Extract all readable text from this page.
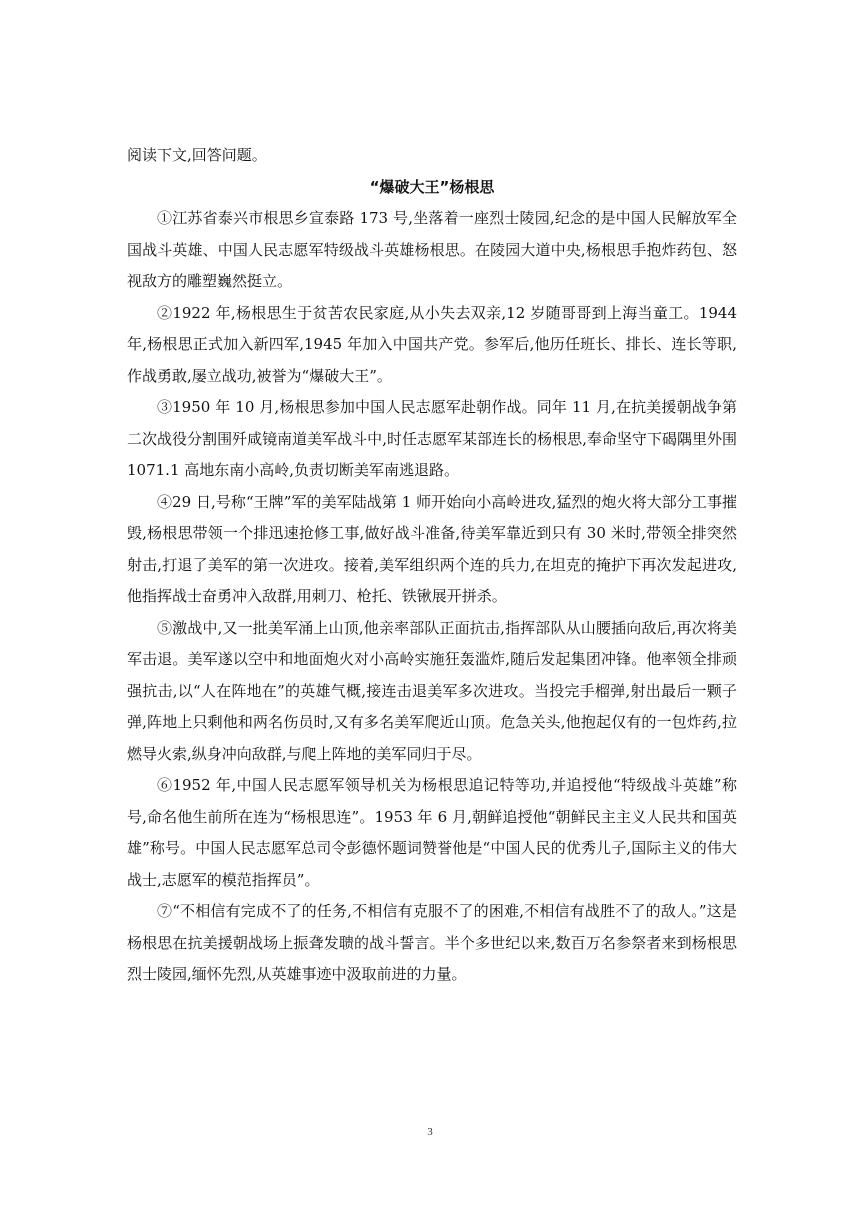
阅读下文,回答问题。

“爆破大王”杨根思

①江苏省泰兴市根思乡宣泰路 173 号,坐落着一座烈士陵园,纪念的是中国人民解放军全国战斗英雄、中国人民志愿军特级战斗英雄杨根思。在陵园大道中央,杨根思手抱炸药包、怒视敌方的雕塑巍然挺立。

②1922 年,杨根思生于贫苦农民家庭,从小失去双亲,12 岁随哥哥到上海当童工。1944 年,杨根思正式加入新四军,1945 年加入中国共产党。参军后,他历任班长、排长、连长等职,作战勇敢,屡立战功,被誉为“爆破大王”。

③1950 年 10 月,杨根思参加中国人民志愿军赴朝作战。同年 11 月,在抗美援朝战争第二次战役分割围歼咸镜南道美军战斗中,时任志愿军某部连长的杨根思,奉命坚守下碣隅里外围 1071.1 高地东南小高岭,负责切断美军南逃退路。

④29 日,号称“王牌”军的美军陆战第 1 师开始向小高岭进攻,猛烈的炮火将大部分工事摧毁,杨根思带领一个排迅速抢修工事,做好战斗准备,待美军靠近到只有 30 米时,带领全排突然射击,打退了美军的第一次进攻。接着,美军组织两个连的兵力,在坦克的掩护下再次发起进攻,他指挥战士奋勇冲入敌群,用刺刀、枪托、铁锹展开拼杀。

⑤激战中,又一批美军涌上山顶,他亲率部队正面抗击,指挥部队从山腰插向敌后,再次将美军击退。美军遂以空中和地面炮火对小高岭实施狂轰滥炸,随后发起集团冲锋。他率领全排顽强抗击,以“人在阵地在”的英雄气概,接连击退美军多次进攻。当投完手榴弹,射出最后一颗子弹,阵地上只剩他和两名伤员时,又有多名美军爬近山顶。危急关头,他抱起仅有的一包炸药,拉燃导火索,纵身冲向敌群,与爬上阵地的美军同归于尽。

⑥1952 年,中国人民志愿军领导机关为杨根思追记特等功,并追授他“特级战斗英雄”称号,命名他生前所在连为“杨根思连”。1953 年 6 月,朝鲜追授他“朝鲜民主主义人民共和国英雄”称号。中国人民志愿军总司令彭德怀题词赞誉他是“中国人民的优秀儿子,国际主义的伟大战士,志愿军的模范指挥员”。

⑦“不相信有完成不了的任务,不相信有克服不了的困难,不相信有战胜不了的敌人。”这是杨根思在抗美援朝战场上振聋发聩的战斗誓言。半个多世纪以来,数百万名参祭者来到杨根思烈士陵园,缅怀先烈,从英雄事迹中汲取前进的力量。

3
